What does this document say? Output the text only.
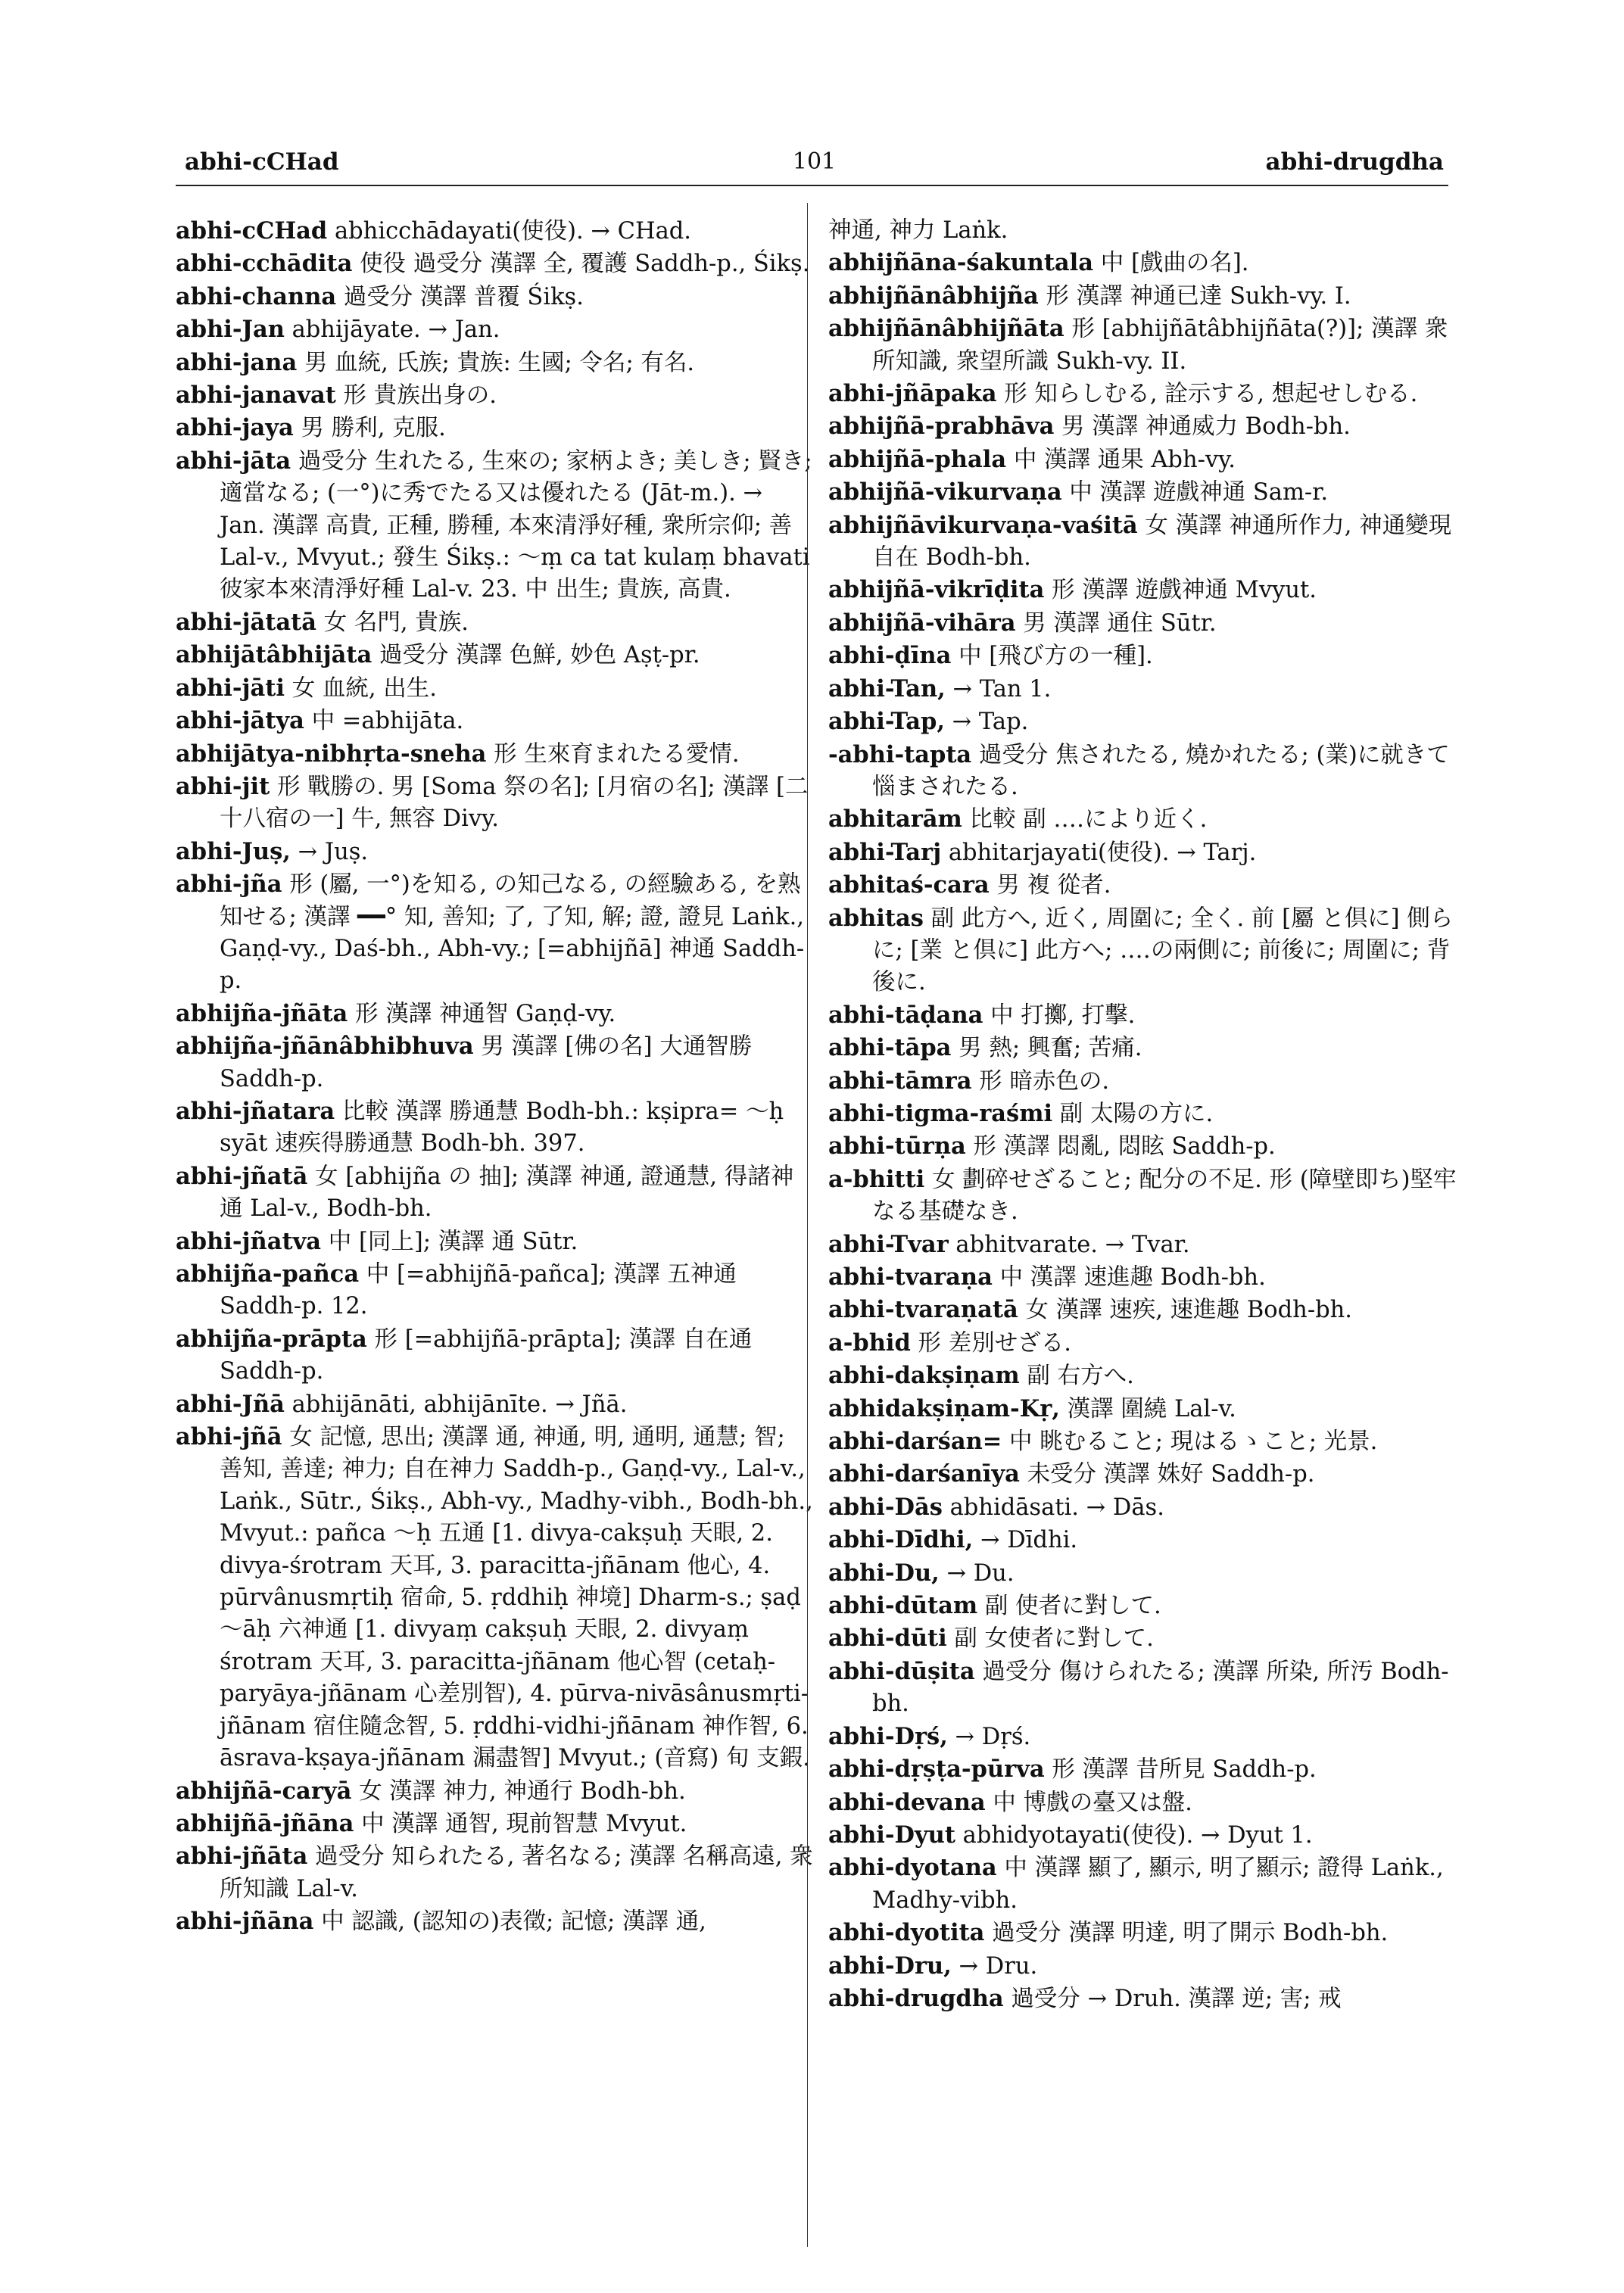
abhi-cCHad	101	abhi-drugdha

abhi-cCHad abhicchādayati(使役). → CHad.

abhi-cchādita 使役 過受分 漢譯 全, 覆護 Saddh-p., Śikṣ.

abhi-channa 過受分 漢譯 普覆 Śikṣ.

abhi-Jan abhijāyate. → Jan.

abhi-jana 男 血統, 氏族; 貴族: 生國; 令名; 有名.

abhi-janavat 形 貴族出身の.

abhi-jaya 男 勝利, 克服.

abhi-jāta 過受分 生れたる, 生來の; 家柄よき; 美しき; 賢き; 適當なる; (一°)に秀でたる又は優れたる (Jāt-m.). → Jan. 漢譯 高貴, 正種, 勝種, 本來清淨好種, 衆所宗仰; 善 Lal-v., Mvyut.; 發生 Śikṣ.: ～ṃ ca tat kulaṃ bhavati 彼家本來清淨好種 Lal-v. 23. 中 出生; 貴族, 高貴.

abhi-jātatā 女 名門, 貴族.

abhijātâbhijāta 過受分 漢譯 色鮮, 妙色 Aṣṭ-pr.

abhi-jāti 女 血統, 出生.

abhi-jātya 中 =abhijāta.

abhijātya-nibhṛta-sneha 形 生來育まれたる愛情.

abhi-jit 形 戰勝の. 男 [Soma 祭の名]; [月宿の名]; 漢譯 [二十八宿の一] 牛, 無容 Divy.

abhi-Juṣ, → Juṣ.

abhi-jña 形 (屬, 一°)を知る, の知己なる, の經驗ある, を熟知せる; 漢譯 ━━° 知, 善知; 了, 了知, 解; 證, 證見 Laṅk., Gaṇḍ-vy., Daś-bh., Abh-vy.; [=abhijñā] 神通 Saddh-p.

abhijña-jñāta 形 漢譯 神通智 Gaṇḍ-vy.

abhijña-jñānâbhibhuva 男 漢譯 [佛の名] 大通智勝 Saddh-p.

abhi-jñatara 比較 漢譯 勝通慧 Bodh-bh.: kṣipra= ～ḥ syāt 速疾得勝通慧 Bodh-bh. 397.

abhi-jñatā 女 [abhijña の 抽]; 漢譯 神通, 證通慧, 得諸神通 Lal-v., Bodh-bh.

abhi-jñatva 中 [同上]; 漢譯 通 Sūtr.

abhijña-pañca 中 [=abhijñā-pañca]; 漢譯 五神通 Saddh-p. 12.

abhijña-prāpta 形 [=abhijñā-prāpta]; 漢譯 自在通 Saddh-p.

abhi-Jñā abhijānāti, abhijānīte. → Jñā.

abhi-jñā 女 記憶, 思出; 漢譯 通, 神通, 明, 通明, 通慧; 智; 善知, 善達; 神力; 自在神力 Saddh-p., Gaṇḍ-vy., Lal-v., Laṅk., Sūtr., Śikṣ., Abh-vy., Madhy-vibh., Bodh-bh., Mvyut.: pañca ～ḥ 五通 [1. divya-cakṣuḥ 天眼, 2. divya-śrotram 天耳, 3. paracitta-jñānam 他心, 4. pūrvânusmṛtiḥ 宿命, 5. ṛddhiḥ 神境] Dharm-s.; ṣaḍ ～āḥ 六神通 [1. divyaṃ cakṣuḥ 天眼, 2. divyaṃ śrotram 天耳, 3. paracitta-jñānam 他心智 (cetaḥ-paryāya-jñānam 心差別智), 4. pūrva-nivāsânusmṛti-jñānam 宿住隨念智, 5. ṛddhi-vidhi-jñānam 神作智, 6. āsrava-kṣaya-jñānam 漏盡智] Mvyut.; (音寫) 旬 支鍜.

abhijñā-caryā 女 漢譯 神力, 神通行 Bodh-bh.

abhijñā-jñāna 中 漢譯 通智, 現前智慧 Mvyut.

abhi-jñāta 過受分 知られたる, 著名なる; 漢譯 名稱高遠, 衆所知識 Lal-v.

abhi-jñāna 中 認識, (認知の)表徵; 記憶; 漢譯 通,

神通, 神力 Laṅk.

abhijñāna-śakuntala 中 [戲曲の名].

abhijñānâbhijña 形 漢譯 神通已達 Sukh-vy. I.

abhijñānâbhijñāta 形 [abhijñātâbhijñāta(?)]; 漢譯 衆所知識, 衆望所識 Sukh-vy. II.

abhi-jñāpaka 形 知らしむる, 詮示する, 想起せしむる.

abhijñā-prabhāva 男 漢譯 神通威力 Bodh-bh.

abhijñā-phala 中 漢譯 通果 Abh-vy.

abhijñā-vikurvaṇa 中 漢譯 遊戲神通 Sam-r.

abhijñāvikurvaṇa-vaśitā 女 漢譯 神通所作力, 神通變現自在 Bodh-bh.

abhijñā-vikrīḍita 形 漢譯 遊戲神通 Mvyut.

abhijñā-vihāra 男 漢譯 通住 Sūtr.

abhi-ḍīna 中 [飛び方の一種].

abhi-Tan, → Tan 1.

abhi-Tap, → Tap.

-abhi-tapta 過受分 焦されたる, 燒かれたる; (業)に就きて惱まされたる.

abhitarām 比較 副 ‥‥により近く.

abhi-Tarj abhitarjayati(使役). → Tarj.

abhitaś-cara 男 複 從者.

abhitas 副 此方へ, 近く, 周圍に; 全く. 前 [屬 と倶に] 側らに; [業 と倶に] 此方へ; ‥‥の兩側に; 前後に; 周圍に; 背後に.

abhi-tāḍana 中 打擲, 打擊.

abhi-tāpa 男 熱; 興奮; 苦痛.

abhi-tāmra 形 暗赤色の.

abhi-tigma-raśmi 副 太陽の方に.

abhi-tūrṇa 形 漢譯 悶亂, 悶眩 Saddh-p.

a-bhitti 女 劃碎せざること; 配分の不足. 形 (障壁即ち)堅牢なる基礎なき.

abhi-Tvar abhitvarate. → Tvar.

abhi-tvaraṇa 中 漢譯 速進趣 Bodh-bh.

abhi-tvaraṇatā 女 漢譯 速疾, 速進趣 Bodh-bh.

a-bhid 形 差別せざる.

abhi-dakṣiṇam 副 右方へ.

abhidakṣiṇam-Kṛ, 漢譯 圍繞 Lal-v.

abhi-darśan= 中 眺むること; 現はるゝこと; 光景.

abhi-darśanīya 未受分 漢譯 姝好 Saddh-p.

abhi-Dās abhidāsati. → Dās.

abhi-Dīdhi, → Dīdhi.

abhi-Du, → Du.

abhi-dūtam 副 使者に對して.

abhi-dūti 副 女使者に對して.

abhi-dūṣita 過受分 傷けられたる; 漢譯 所染, 所汚 Bodh-bh.

abhi-Dṛś, → Dṛś.

abhi-dṛṣṭa-pūrva 形 漢譯 昔所見 Saddh-p.

abhi-devana 中 博戲の臺又は盤.

abhi-Dyut abhidyotayati(使役). → Dyut 1.

abhi-dyotana 中 漢譯 顯了, 顯示, 明了顯示; 證得 Laṅk., Madhy-vibh.

abhi-dyotita 過受分 漢譯 明達, 明了開示 Bodh-bh.

abhi-Dru, → Dru.

abhi-drugdha 過受分 → Druh. 漢譯 逆; 害; 戒
